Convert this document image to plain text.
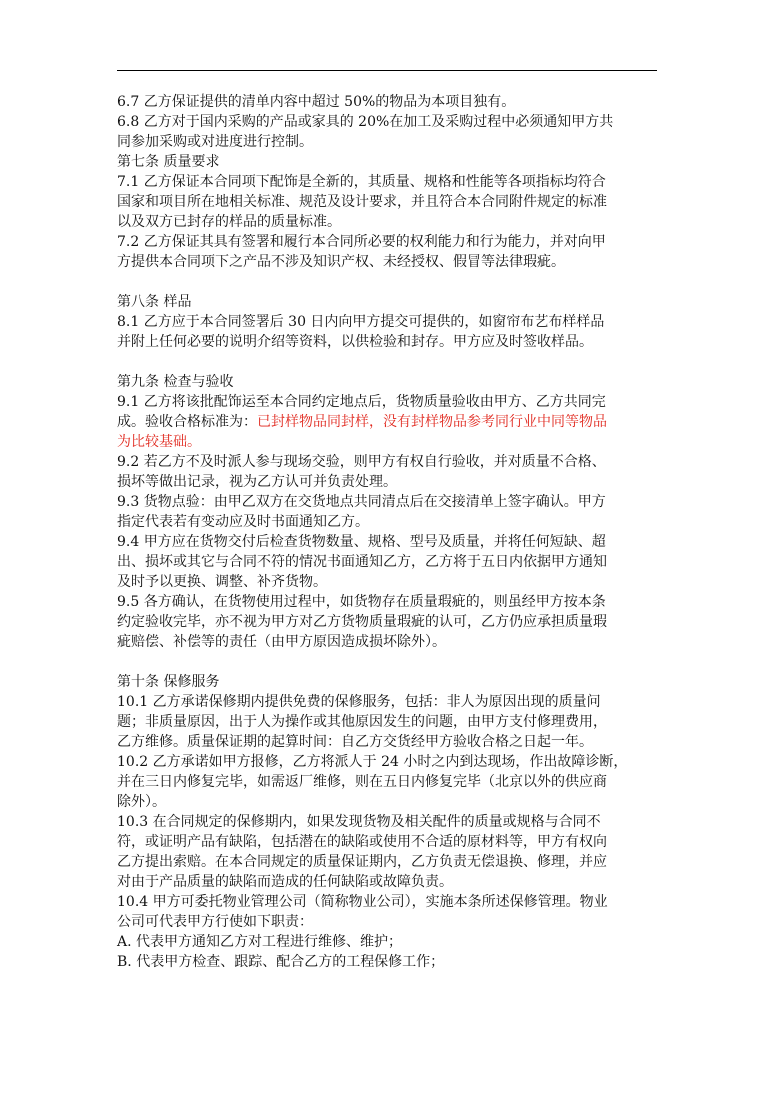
6.7 乙方保证提供的清单内容中超过 50%的物品为本项目独有。

6.8 乙方对于国内采购的产品或家具的 20%在加工及采购过程中必须通知甲方共

同参加采购或对进度进行控制。

第七条 质量要求

7.1 乙方保证本合同项下配饰是全新的，其质量、规格和性能等各项指标均符合

国家和项目所在地相关标准、规范及设计要求，并且符合本合同附件规定的标准

以及双方已封存的样品的质量标准。

7.2 乙方保证其具有签署和履行本合同所必要的权利能力和行为能力，并对向甲

方提供本合同项下之产品不涉及知识产权、未经授权、假冒等法律瑕疵。

第八条 样品

8.1 乙方应于本合同签署后 30 日内向甲方提交可提供的，如窗帘布艺布样样品

并附上任何必要的说明介绍等资料，以供检验和封存。甲方应及时签收样品。

第九条 检查与验收

9.1 乙方将该批配饰运至本合同约定地点后，货物质量验收由甲方、乙方共同完

成。验收合格标准为：已封样物品同封样，没有封样物品参考同行业中同等物品

为比较基础。

9.2 若乙方不及时派人参与现场交验，则甲方有权自行验收，并对质量不合格、

损坏等做出记录，视为乙方认可并负责处理。

9.3 货物点验：由甲乙双方在交货地点共同清点后在交接清单上签字确认。甲方

指定代表若有变动应及时书面通知乙方。

9.4 甲方应在货物交付后检查货物数量、规格、型号及质量，并将任何短缺、超

出、损坏或其它与合同不符的情况书面通知乙方，乙方将于五日内依据甲方通知

及时予以更换、调整、补齐货物。

9.5 各方确认，在货物使用过程中，如货物存在质量瑕疵的，则虽经甲方按本条

约定验收完毕，亦不视为甲方对乙方货物质量瑕疵的认可，乙方仍应承担质量瑕

疵赔偿、补偿等的责任（由甲方原因造成损坏除外）。

第十条 保修服务

10.1 乙方承诺保修期内提供免费的保修服务，包括：非人为原因出现的质量问

题；非质量原因，出于人为操作或其他原因发生的问题，由甲方支付修理费用，

乙方维修。质量保证期的起算时间：自乙方交货经甲方验收合格之日起一年。

10.2 乙方承诺如甲方报修，乙方将派人于 24 小时之内到达现场，作出故障诊断，

并在三日内修复完毕，如需返厂维修，则在五日内修复完毕（北京以外的供应商

除外）。

10.3 在合同规定的保修期内，如果发现货物及相关配件的质量或规格与合同不

符，或证明产品有缺陷，包括潜在的缺陷或使用不合适的原材料等，甲方有权向

乙方提出索赔。在本合同规定的质量保证期内，乙方负责无偿退换、修理，并应

对由于产品质量的缺陷而造成的任何缺陷或故障负责。

10.4 甲方可委托物业管理公司（简称物业公司），实施本条所述保修管理。物业

公司可代表甲方行使如下职责：

A. 代表甲方通知乙方对工程进行维修、维护；

B. 代表甲方检查、跟踪、配合乙方的工程保修工作；
